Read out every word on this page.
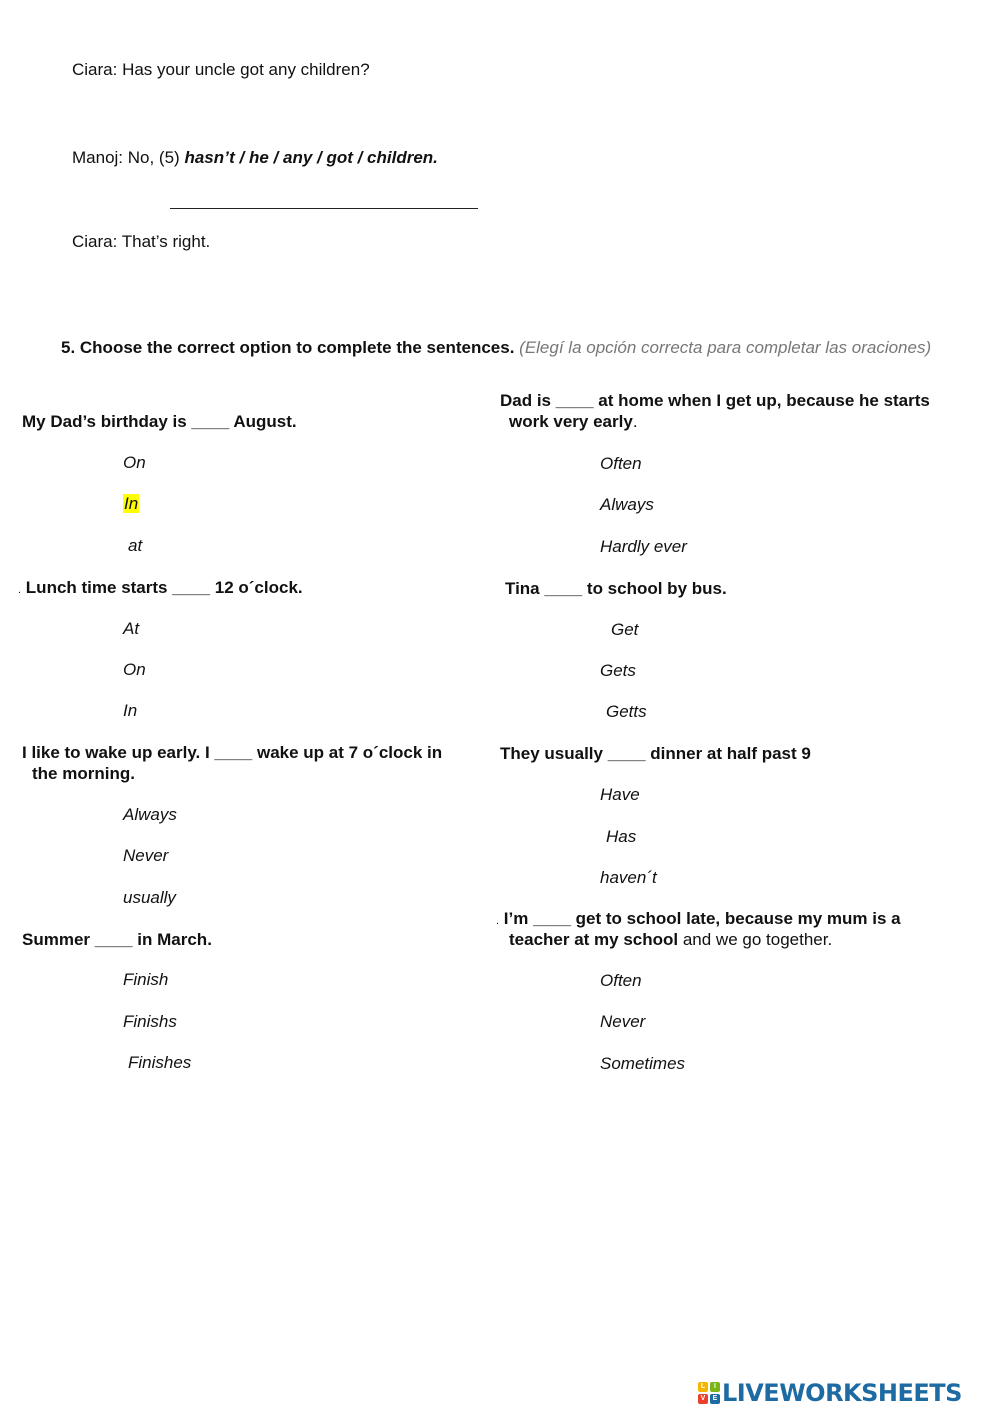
Ciara: Has your uncle got any children?
Manoj: No, (5) hasn’t / he / any / got / children.
Ciara: That’s right.
5. Choose the correct option to complete the sentences. (Elegí la opción correcta para completar las oraciones)
My Dad’s birthday is ____ August.
On
In
at
. Lunch time starts ____ 12 o´clock.
At
On
In
I like to wake up early. I ____ wake up at 7 o´clock in
the morning.
Always
Never
usually
Summer ____ in March.
Finish
Finishs
Finishes
Dad is ____ at home when I get up, because he starts
work very early.
Often
Always
Hardly ever
Tina ____ to school by bus.
Get
Gets
Getts
They usually ____ dinner at half past 9
Have
Has
haven´t
. I’m ____ get to school late, because my mum is a
teacher at my school and we go together.
Often
Never
Sometimes
L	I
V	E LIVEWORKSHEETS
